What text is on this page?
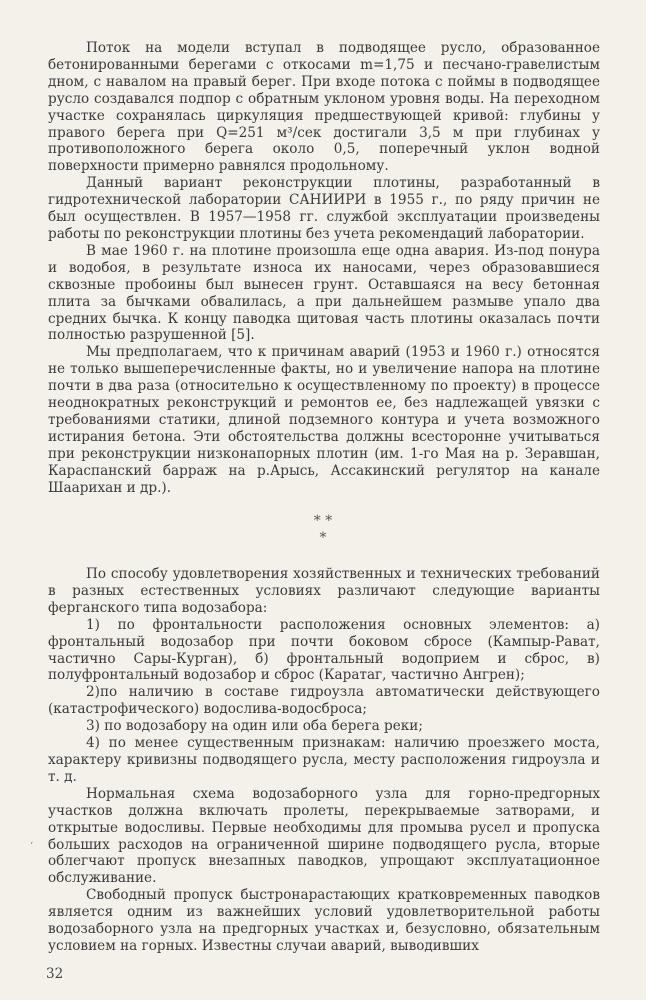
Поток на модели вступал в подводящее русло, образованное бетонированными берегами с откосами m=1,75 и песчано-гравелистым дном, с навалом на правый берег. При входе потока с поймы в подводящее русло создавался подпор с обратным уклоном уровня воды. На переходном участке сохранялась циркуляция предшествующей кривой: глубины у правого берега при Q=251 м³/сек достигали 3,5 м при глубинах у противоположного берега около 0,5, поперечный уклон водной поверхности примерно равнялся продольному.

Данный вариант реконструкции плотины, разработанный в гидротехнической лаборатории САНИИРИ в 1955 г., по ряду причин не был осуществлен. В 1957—1958 гг. службой эксплуатации произведены работы по реконструкции плотины без учета рекомендаций лаборатории.

В мае 1960 г. на плотине произошла еще одна авария. Из-под понура и водобоя, в результате износа их наносами, через образовавшиеся сквозные пробоины был вынесен грунт. Оставшаяся на весу бетонная плита за бычками обвалилась, а при дальнейшем размыве упало два средних бычка. К концу паводка щитовая часть плотины оказалась почти полностью разрушенной [5].

Мы предполагаем, что к причинам аварий (1953 и 1960 г.) относятся не только вышеперечисленные факты, но и увеличение напора на плотине почти в два раза (относительно к осуществленному по проекту) в процессе неоднократных реконструкций и ремонтов ее, без надлежащей увязки с требованиями статики, длиной подземного контура и учета возможного истирания бетона. Эти обстоятельства должны всесторонне учитываться при реконструкции низконапорных плотин (им. 1-го Мая на р. Зеравшан, Караспанский барраж на р.Арысь, Ассакинский регулятор на канале Шаарихан и др.).

* *
*

По способу удовлетворения хозяйственных и технических требований в разных естественных условиях различают следующие варианты ферганского типа водозабора:

1) по фронтальности расположения основных элементов: а) фронтальный водозабор при почти боковом сбросе (Кампыр-Рават, частично Сары-Курган), б) фронтальный водоприем и сброс, в) полуфронтальный водозабор и сброс (Каратаг, частично Ангрен);

2)по наличию в составе гидроузла автоматически действующего (катастрофического) водослива-водосброса;

3) по водозабору на один или оба берега реки;

4) по менее существенным признакам: наличию проезжего моста, характеру кривизны подводящего русла, месту расположения гидроузла и т. д.

Нормальная схема водозаборного узла для горно-предгорных участков должна включать пролеты, перекрываемые затворами, и открытые водосливы. Первые необходимы для промыва русел и пропуска больших расходов на ограниченной ширине подводящего русла, вторые облегчают пропуск внезапных паводков, упрощают эксплуатационное обслуживание.

Свободный пропуск быстронарастающих кратковременных паводков является одним из важнейших условий удовлетворительной работы водозаборного узла на предгорных участках и, безусловно, обязательным условием на горных. Известны случаи аварий, выводивших

ʻ
32
